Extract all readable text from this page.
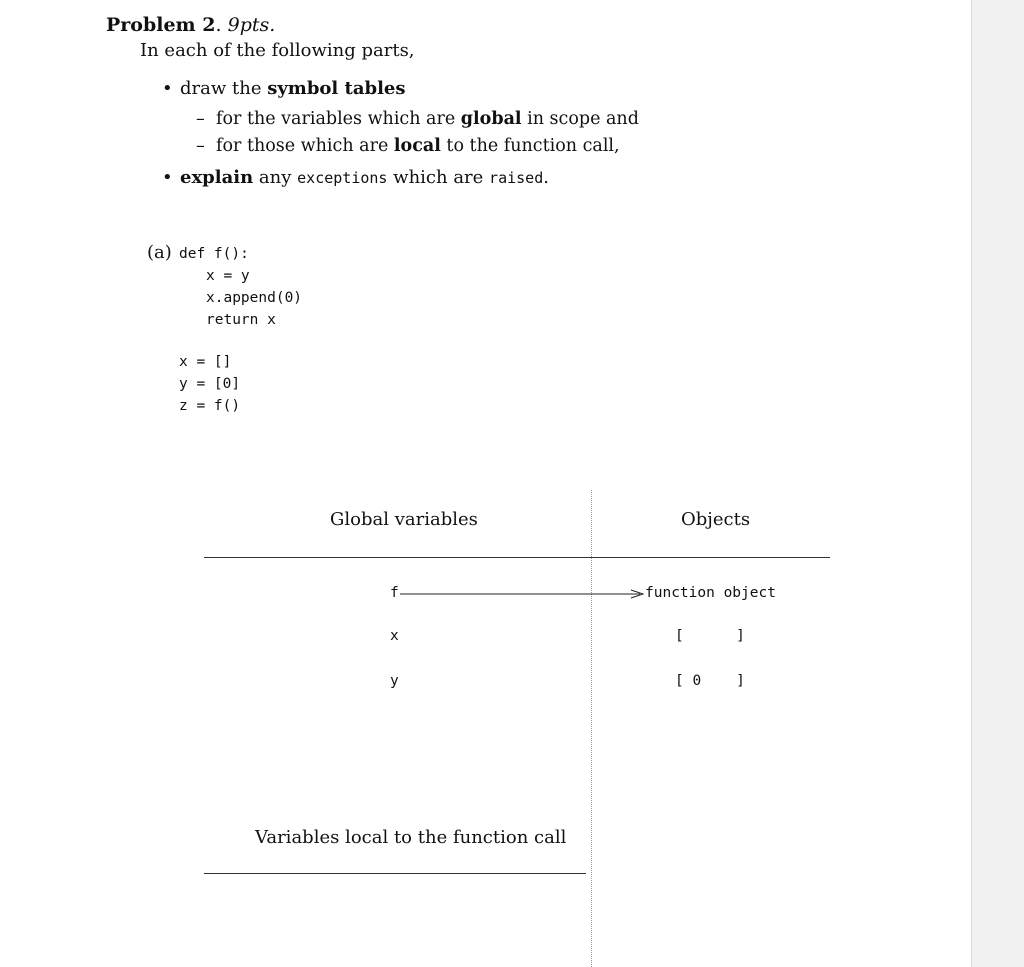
Problem 2. 9pts.
In each of the following parts,
• draw the symbol tables
– for the variables which are global in scope and
– for those which are local to the function call,
• explain any exceptions which are raised.
(a) def f():
x = y
x.append(0)
return x
x = []
y = [0]
z = f()
Global variables	Objects
f
x
y
function object
[      ]
[ 0    ]
Variables local to the function call
